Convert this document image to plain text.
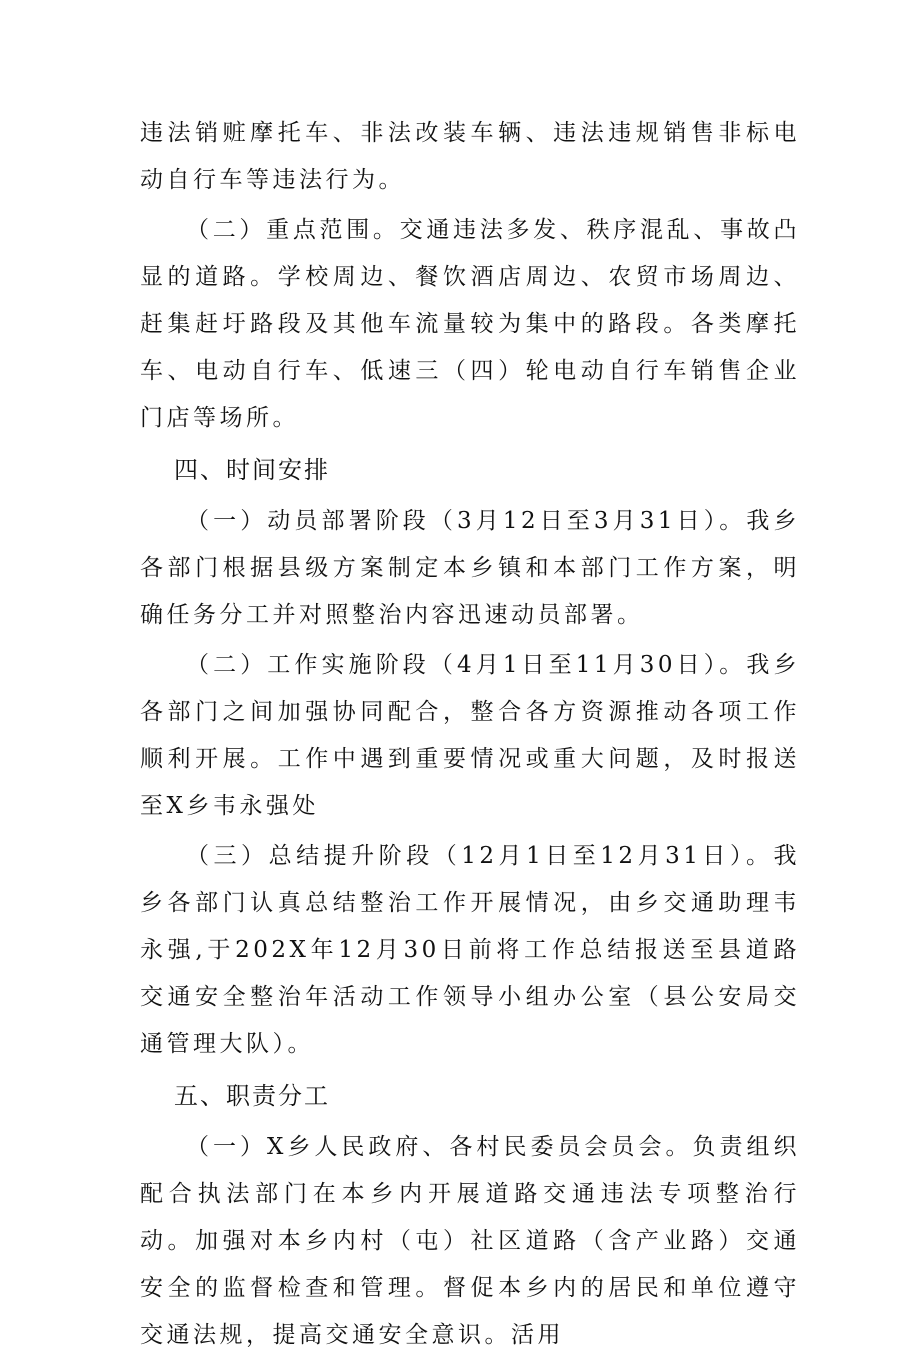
违法销赃摩托车、非法改装车辆、违法违规销售非标电动自行车等违法行为。

（二）重点范围。交通违法多发、秩序混乱、事故凸显的道路。学校周边、餐饮酒店周边、农贸市场周边、赶集赶圩路段及其他车流量较为集中的路段。各类摩托车、电动自行车、低速三（四）轮电动自行车销售企业门店等场所。

四、时间安排

（一）动员部署阶段（3月12日至3月31日）。我乡各部门根据县级方案制定本乡镇和本部门工作方案，明确任务分工并对照整治内容迅速动员部署。

（二）工作实施阶段（4月1日至11月30日）。我乡各部门之间加强协同配合，整合各方资源推动各项工作顺利开展。工作中遇到重要情况或重大问题，及时报送至X乡韦永强处

（三）总结提升阶段（12月1日至12月31日）。我乡各部门认真总结整治工作开展情况，由乡交通助理韦永强,于202X年12月30日前将工作总结报送至县道路交通安全整治年活动工作领导小组办公室（县公安局交通管理大队）。

五、职责分工

（一）X乡人民政府、各村民委员会员会。负责组织配合执法部门在本乡内开展道路交通违法专项整治行动。加强对本乡内村（屯）社区道路（含产业路）交通安全的监督检查和管理。督促本乡内的居民和单位遵守交通法规，提高交通安全意识。活用
